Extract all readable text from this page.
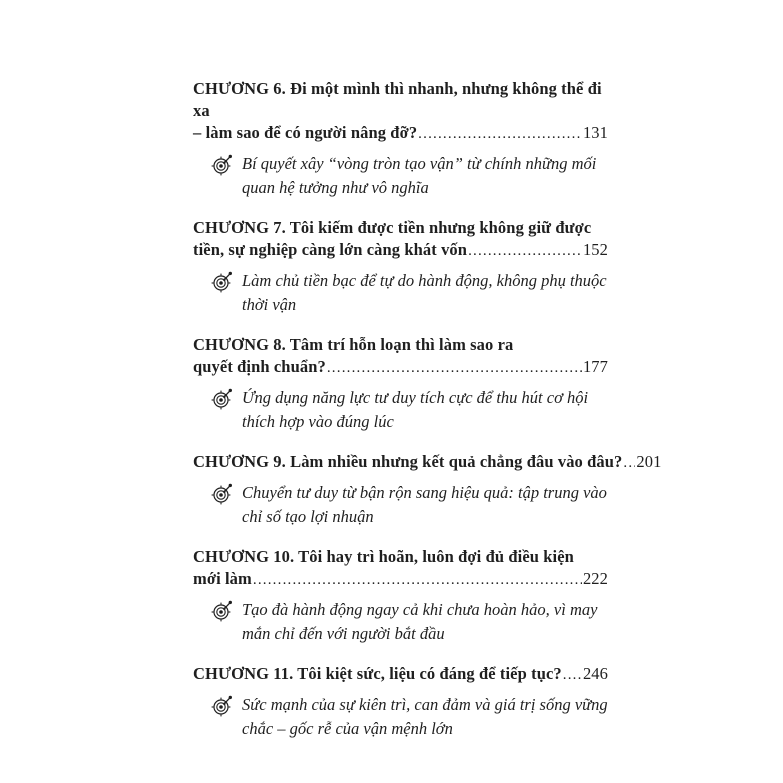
CHƯƠNG 6. Đi một mình thì nhanh, nhưng không thể đi xa
– làm sao để có người nâng đỡ? .....	131
Bí quyết xây “vòng tròn tạo vận” từ chính những mối quan hệ tưởng như vô nghĩa
CHƯƠNG 7. Tôi kiếm được tiền nhưng không giữ được
tiền, sự nghiệp càng lớn càng khát vốn .....	152
Làm chủ tiền bạc để tự do hành động, không phụ thuộc thời vận
CHƯƠNG 8. Tâm trí hỗn loạn thì làm sao ra
quyết định chuẩn? .....	177
Ứng dụng năng lực tư duy tích cực để thu hút cơ hội thích hợp vào đúng lúc
CHƯƠNG 9. Làm nhiều nhưng kết quả chẳng đâu vào đâu? ..... 201
Chuyển tư duy từ bận rộn sang hiệu quả: tập trung vào chỉ số tạo lợi nhuận
CHƯƠNG 10. Tôi hay trì hoãn, luôn đợi đủ điều kiện
mới làm .....	222
Tạo đà hành động ngay cả khi chưa hoàn hảo, vì may mắn chỉ đến với người bắt đầu
CHƯƠNG 11. Tôi kiệt sức, liệu có đáng để tiếp tục? ..... 246
Sức mạnh của sự kiên trì, can đảm và giá trị sống vững chắc – gốc rễ của vận mệnh lớn
